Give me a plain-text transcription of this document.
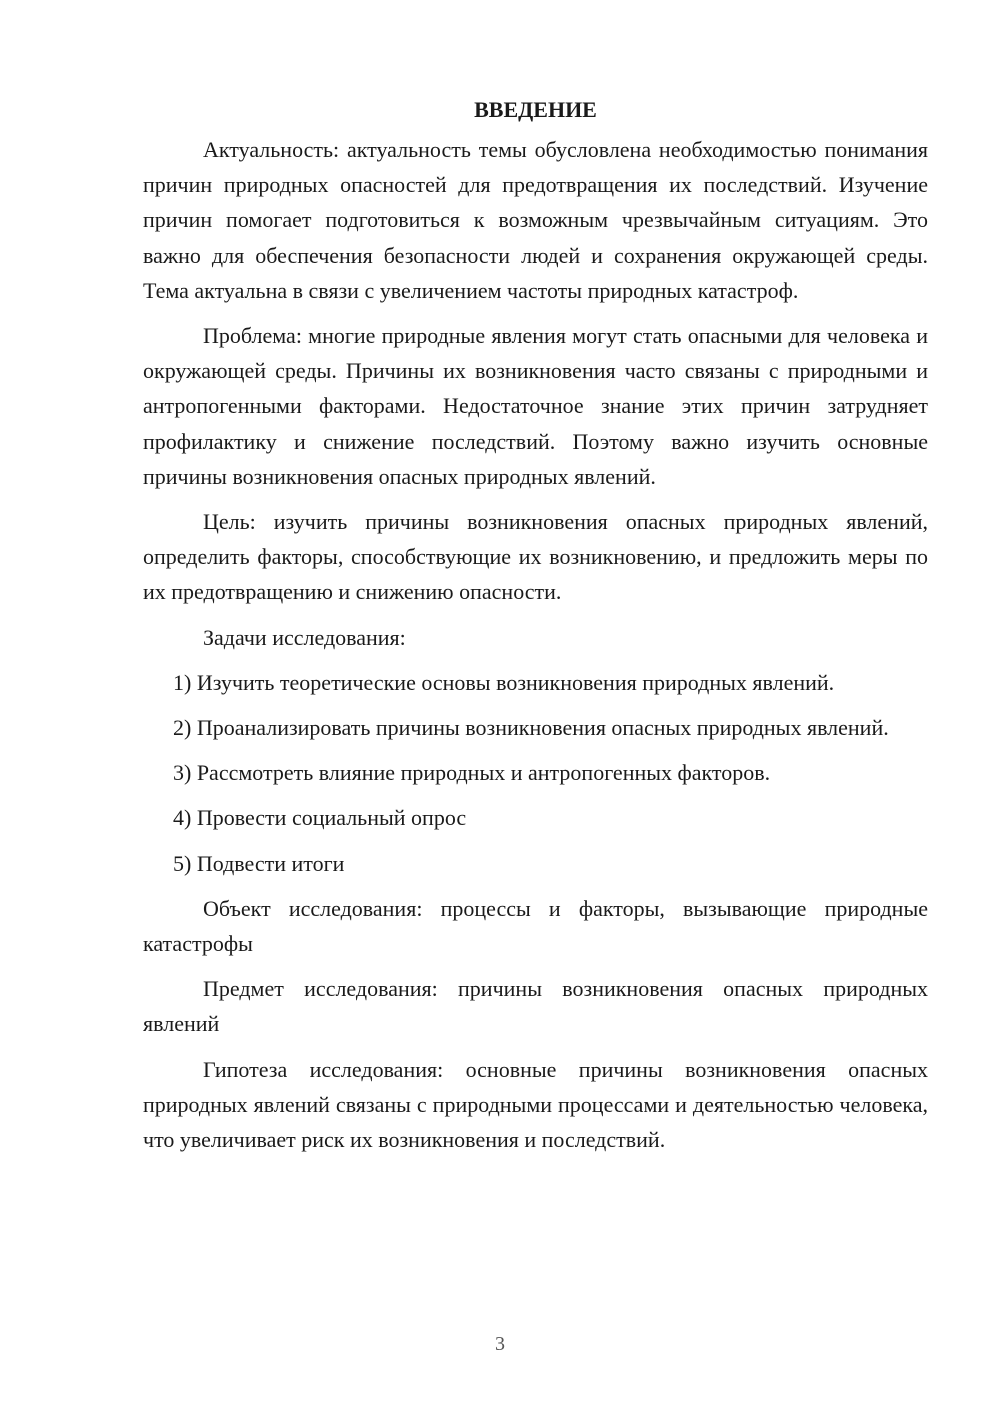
ВВЕДЕНИЕ

Актуальность: актуальность темы обусловлена необходимостью понимания причин природных опасностей для предотвращения их последствий. Изучение причин помогает подготовиться к возможным чрезвычайным ситуациям. Это важно для обеспечения безопасности людей и сохранения окружающей среды. Тема актуальна в связи с увеличением частоты природных катастроф.

Проблема: многие природные явления могут стать опасными для человека и окружающей среды. Причины их возникновения часто связаны с природными и антропогенными факторами. Недостаточное знание этих причин затрудняет профилактику и снижение последствий. Поэтому важно изучить основные причины возникновения опасных природных явлений.

Цель: изучить причины возникновения опасных природных явлений, определить факторы, способствующие их возникновению, и предложить меры по их предотвращению и снижению опасности.

Задачи исследования:

1) Изучить теоретические основы возникновения природных явлений.

2) Проанализировать причины возникновения опасных природных явлений.

3) Рассмотреть влияние природных и антропогенных факторов.

4) Провести социальный опрос

5) Подвести итоги

Объект исследования: процессы и факторы, вызывающие природные катастрофы

Предмет исследования: причины возникновения опасных природных явлений

Гипотеза исследования: основные причины возникновения опасных природных явлений связаны с природными процессами и деятельностью человека, что увеличивает риск их возникновения и последствий.

3
